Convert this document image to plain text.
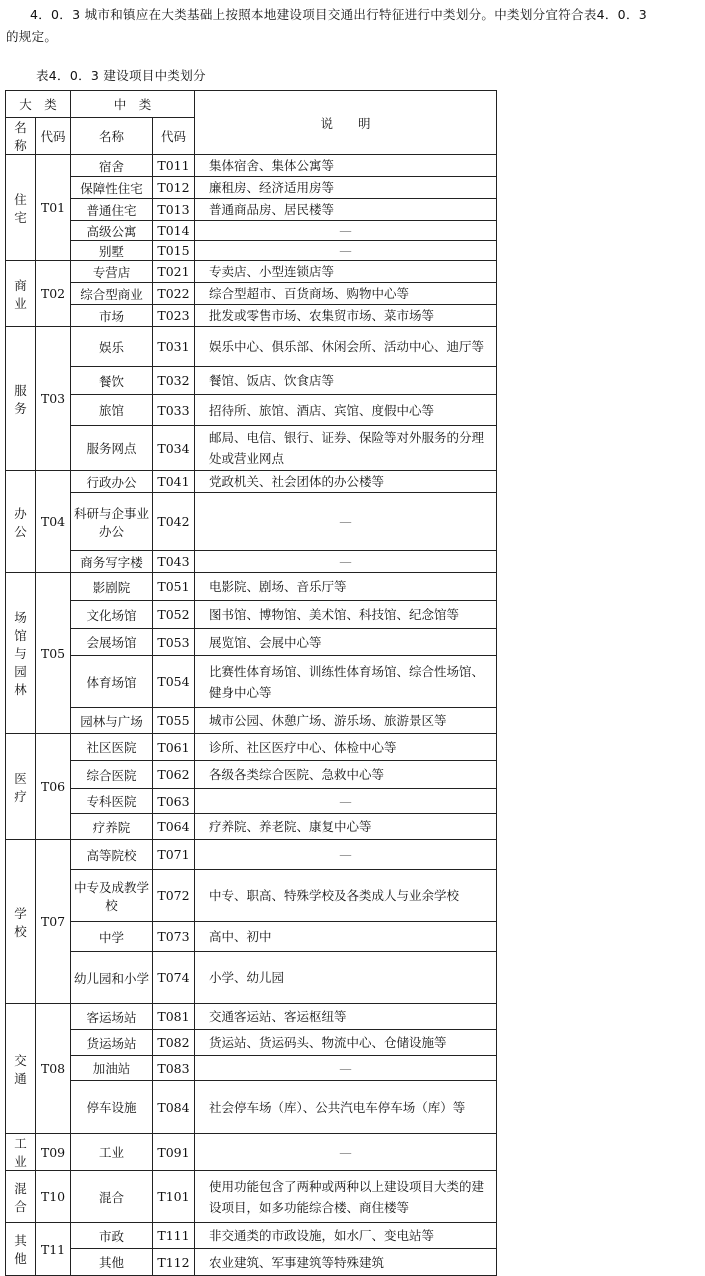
4．0．3 城市和镇应在大类基础上按照本地建设项目交通出行特征进行中类划分。中类划分宜符合表4．0．3
的规定。
表4．0．3 建设项目中类划分
大　类		中　类		说　　明
名称	代码	名称	代码	
住宅	T01	宿舍	T011	集体宿舍、集体公寓等
		保障性住宅	T012	廉租房、经济适用房等
		普通住宅	T013	普通商品房、居民楼等
		高级公寓	T014	—
		别墅	T015	—
商业	T02	专营店	T021	专卖店、小型连锁店等
		综合型商业	T022	综合型超市、百货商场、购物中心等
		市场	T023	批发或零售市场、农集贸市场、菜市场等
服务	T03	娱乐	T031	娱乐中心、俱乐部、休闲会所、活动中心、迪厅等
		餐饮	T032	餐馆、饭店、饮食店等
		旅馆	T033	招待所、旅馆、酒店、宾馆、度假中心等
		服务网点	T034	邮局、电信、银行、证券、保险等对外服务的分理处或营业网点
办公	T04	行政办公	T041	党政机关、社会团体的办公楼等
		科研与企事业办公	T042	—
		商务写字楼	T043	—
场馆与园林	T05	影剧院	T051	电影院、剧场、音乐厅等
		文化场馆	T052	图书馆、博物馆、美术馆、科技馆、纪念馆等
		会展场馆	T053	展览馆、会展中心等
		体育场馆	T054	比赛性体育场馆、训练性体育场馆、综合性场馆、健身中心等
		园林与广场	T055	城市公园、休憩广场、游乐场、旅游景区等
医疗	T06	社区医院	T061	诊所、社区医疗中心、体检中心等
		综合医院	T062	各级各类综合医院、急救中心等
		专科医院	T063	—
		疗养院	T064	疗养院、养老院、康复中心等
学校	T07	高等院校	T071	—
		中专及成教学校	T072	中专、职高、特殊学校及各类成人与业余学校
		中学	T073	高中、初中
		幼儿园和小学	T074	小学、幼儿园
交通	T08	客运场站	T081	交通客运站、客运枢纽等
		货运场站	T082	货运站、货运码头、物流中心、仓储设施等
		加油站	T083	—
		停车设施	T084	社会停车场（库）、公共汽电车停车场（库）等
工业	T09	工业	T091	—
混合	T10	混合	T101	使用功能包含了两种或两种以上建设项目大类的建设项目，如多功能综合楼、商住楼等
其他	T11	市政	T111	非交通类的市政设施，如水厂、变电站等
		其他	T112	农业建筑、军事建筑等特殊建筑
